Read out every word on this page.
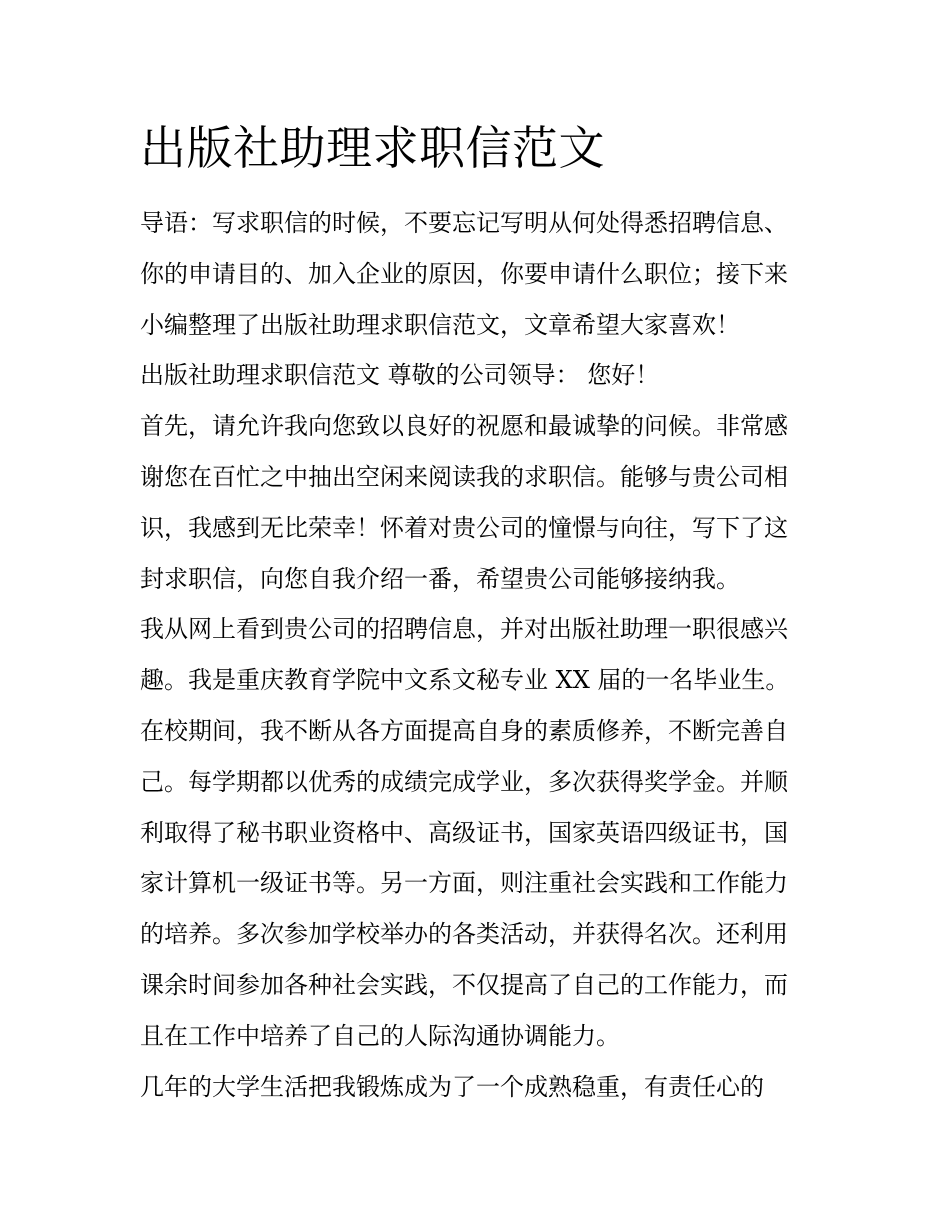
出版社助理求职信范文
导语：写求职信的时候，不要忘记写明从何处得悉招聘信息、
你的申请目的、加入企业的原因，你要申请什么职位；接下来
小编整理了出版社助理求职信范文，文章希望大家喜欢！
出版社助理求职信范文 尊敬的公司领导： 您好！
首先，请允许我向您致以良好的祝愿和最诚挚的问候。非常感
谢您在百忙之中抽出空闲来阅读我的求职信。能够与贵公司相
识，我感到无比荣幸！怀着对贵公司的憧憬与向往，写下了这
封求职信，向您自我介绍一番，希望贵公司能够接纳我。
我从网上看到贵公司的招聘信息，并对出版社助理一职很感兴
趣。我是重庆教育学院中文系文秘专业 XX 届的一名毕业生。
在校期间，我不断从各方面提高自身的素质修养，不断完善自
己。每学期都以优秀的成绩完成学业，多次获得奖学金。并顺
利取得了秘书职业资格中、高级证书，国家英语四级证书，国
家计算机一级证书等。另一方面，则注重社会实践和工作能力
的培养。多次参加学校举办的各类活动，并获得名次。还利用
课余时间参加各种社会实践，不仅提高了自己的工作能力，而
且在工作中培养了自己的人际沟通协调能力。
几年的大学生活把我锻炼成为了一个成熟稳重，有责任心的
